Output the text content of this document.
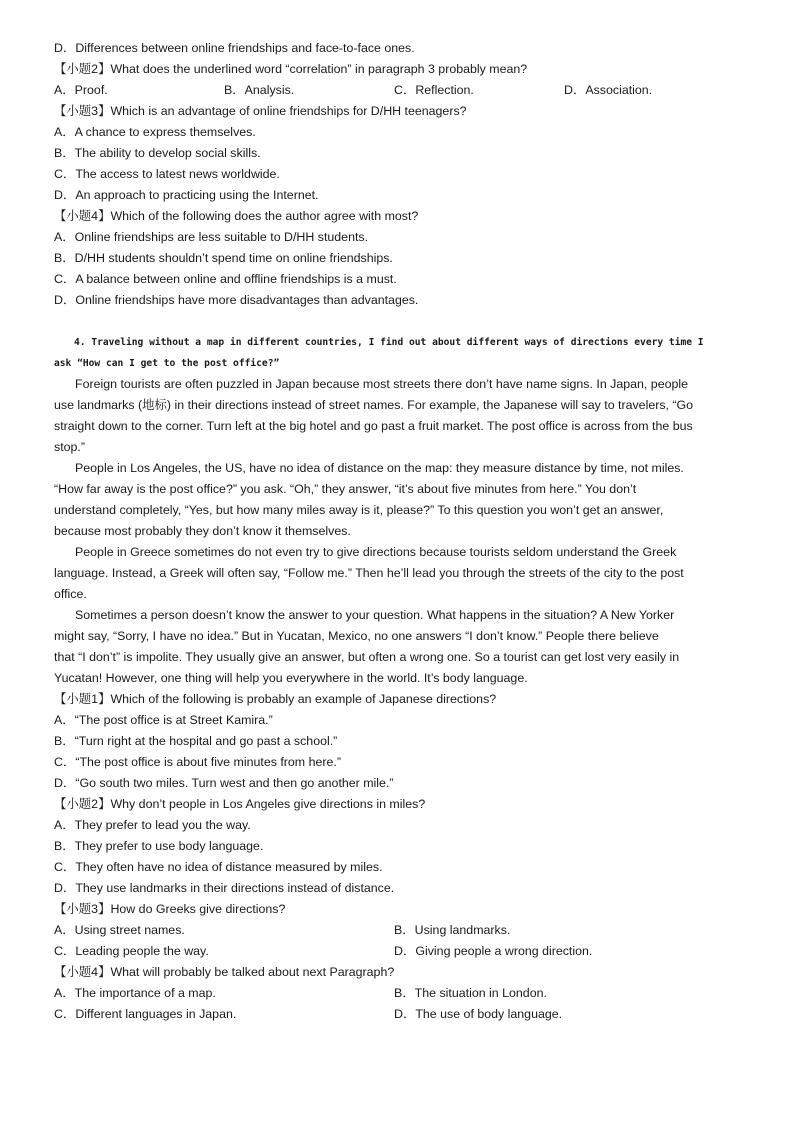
D．Differences between online friendships and face-to-face ones.
【小题2】What does the underlined word “correlation” in paragraph 3 probably mean?
A．Proof.	B．Analysis.	C．Reflection.	D．Association.
【小题3】Which is an advantage of online friendships for D/HH teenagers?
A．A chance to express themselves.
B．The ability to develop social skills.
C．The access to latest news worldwide.
D．An approach to practicing using the Internet.
【小题4】Which of the following does the author agree with most?
A．Online friendships are less suitable to D/HH students.
B．D/HH students shouldn’t spend time on online friendships.
C．A balance between online and offline friendships is a must.
D．Online friendships have more disadvantages than advantages.

4. Traveling without a map in different countries, I find out about different ways of directions every time I

ask “How can I get to the post office?”

Foreign tourists are often puzzled in Japan because most streets there don’t have name signs. In Japan, people
use landmarks (地标) in their directions instead of street names. For example, the Japanese will say to travelers, “Go
straight down to the corner. Turn left at the big hotel and go past a fruit market. The post office is across from the bus
stop.”
People in Los Angeles, the US, have no idea of distance on the map: they measure distance by time, not miles.
“How far away is the post office?” you ask. “Oh,” they answer, “it’s about five minutes from here.” You don’t
understand completely, “Yes, but how many miles away is it, please?” To this question you won’t get an answer,
because most probably they don’t know it themselves.
People in Greece sometimes do not even try to give directions because tourists seldom understand the Greek
language. Instead, a Greek will often say, “Follow me.” Then he’ll lead you through the streets of the city to the post
office.
Sometimes a person doesn’t know the answer to your question. What happens in the situation? A New Yorker
might say, “Sorry, I have no idea.” But in Yucatan, Mexico, no one answers “I don’t know.” People there believe
that “I don’t” is impolite. They usually give an answer, but often a wrong one. So a tourist can get lost very easily in
Yucatan! However, one thing will help you everywhere in the world. It’s body language.
【小题1】Which of the following is probably an example of Japanese directions?
A．“The post office is at Street Kamira.”
B．“Turn right at the hospital and go past a school.”
C．“The post office is about five minutes from here.”
D．“Go south two miles. Turn west and then go another mile.”
【小题2】Why don’t people in Los Angeles give directions in miles?
A．They prefer to lead you the way.
B．They prefer to use body language.
C．They often have no idea of distance measured by miles.
D．They use landmarks in their directions instead of distance.
【小题3】How do Greeks give directions?
A．Using street names.	B．Using landmarks.
C．Leading people the way.	D．Giving people a wrong direction.
【小题4】What will probably be talked about next Paragraph?
A．The importance of a map.	B．The situation in London.
C．Different languages in Japan.	D．The use of body language.
